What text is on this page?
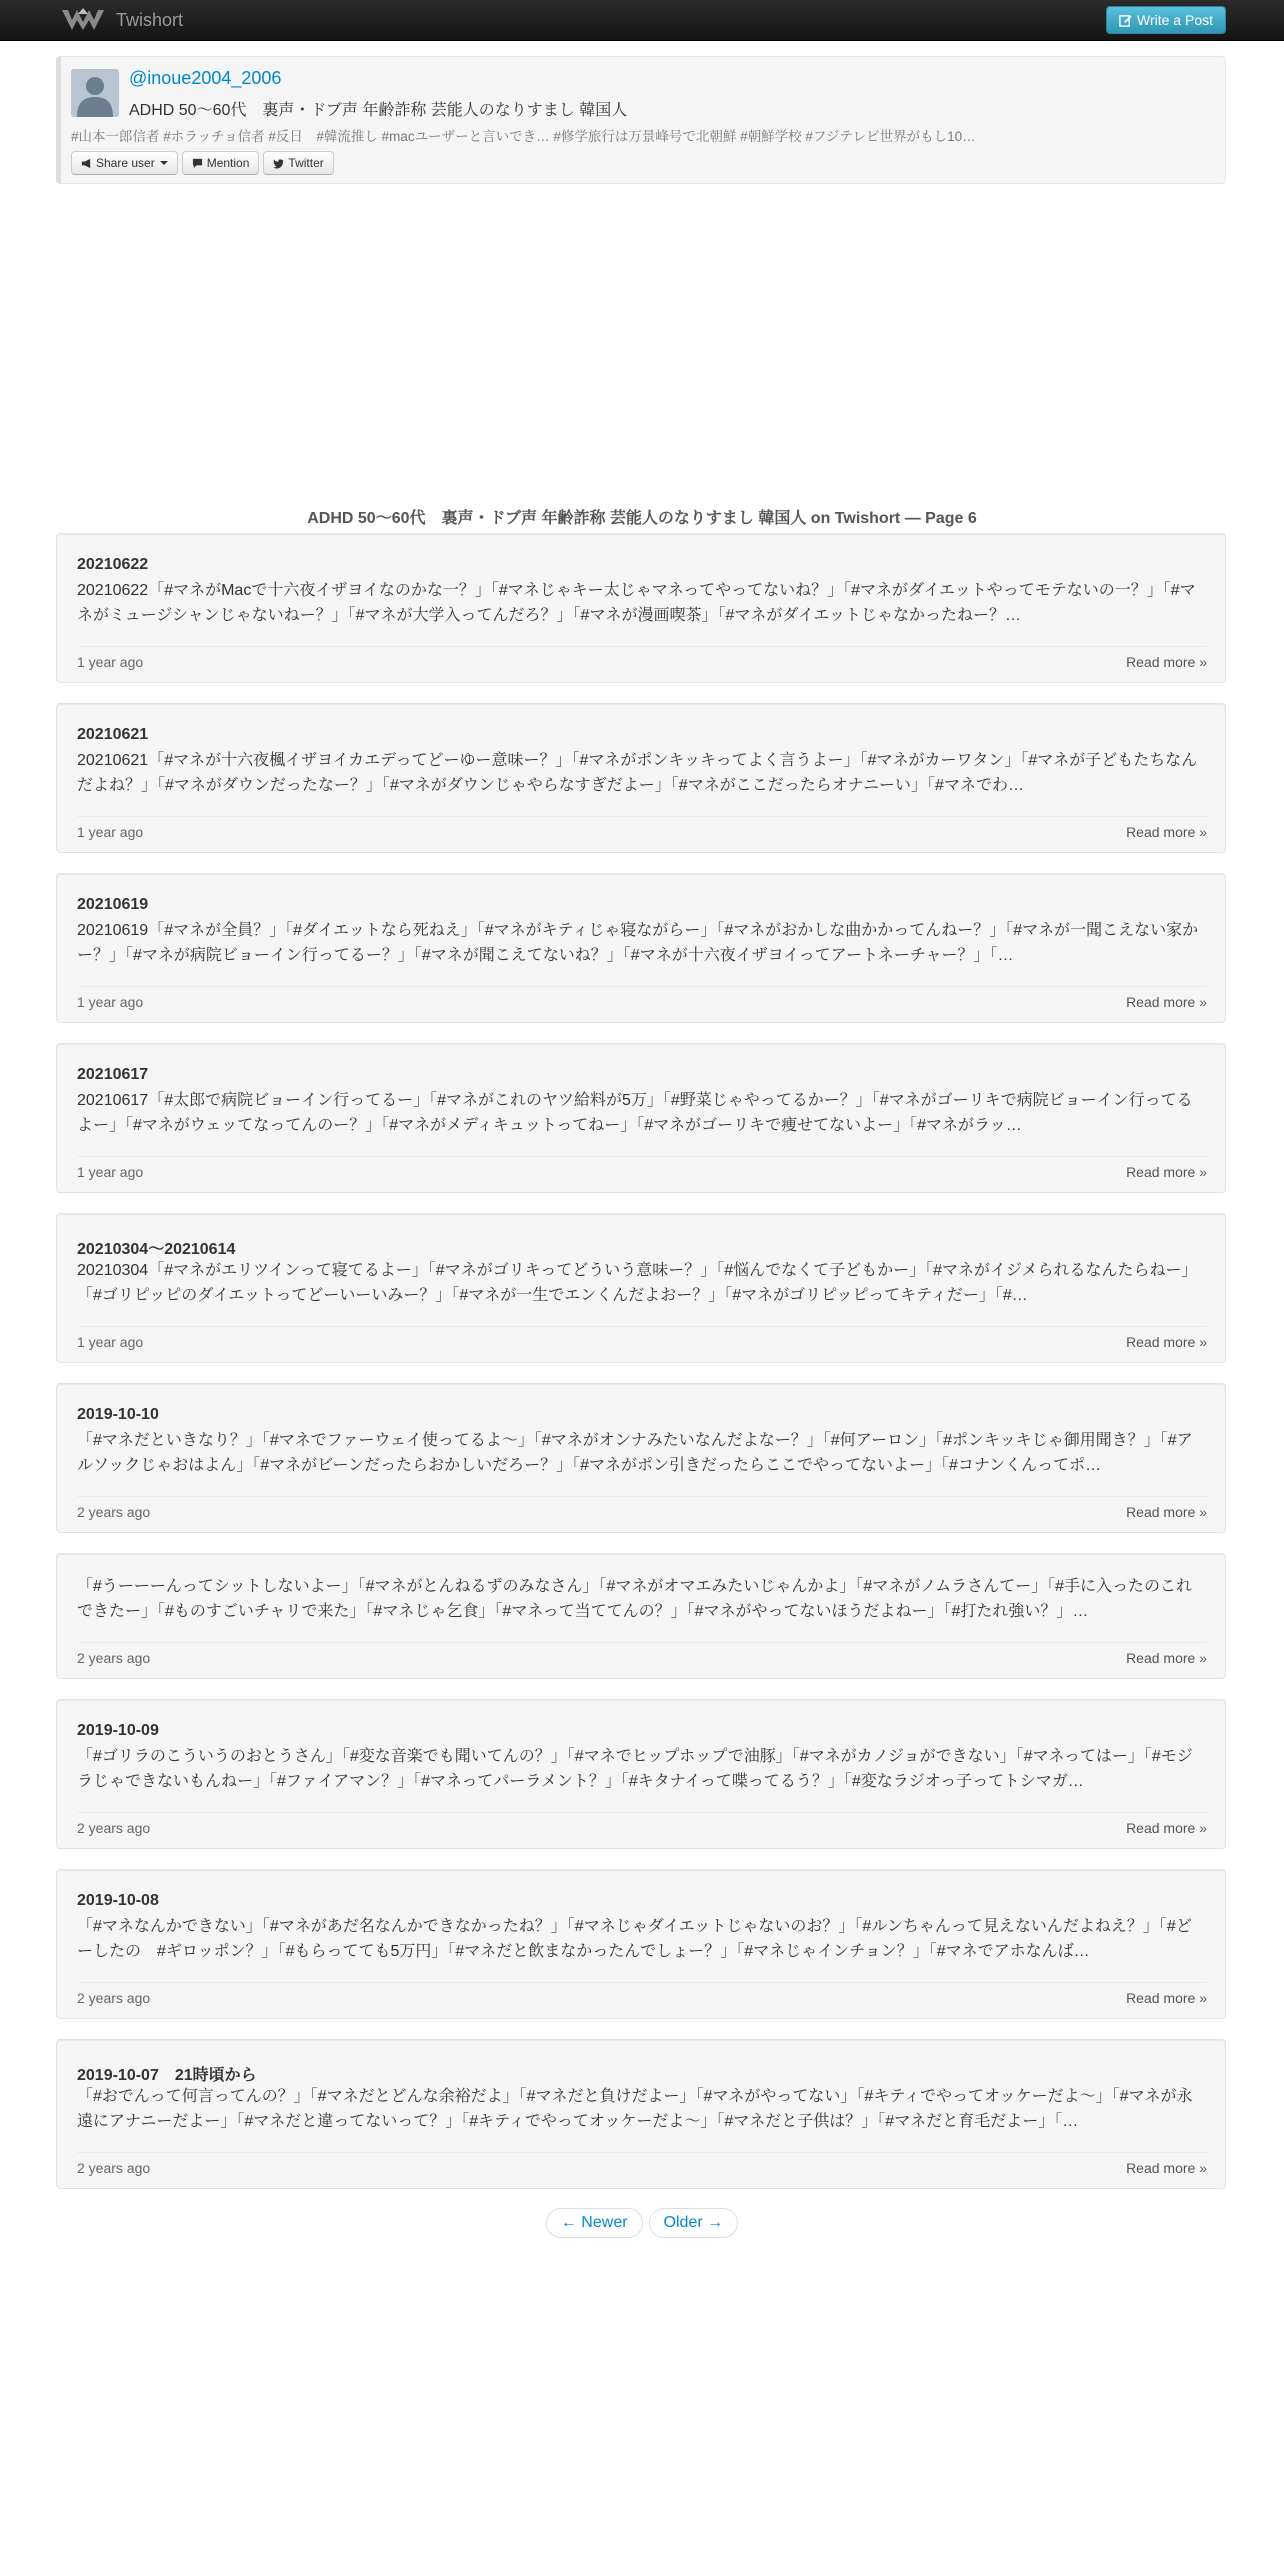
Twishort	Write a Post
@inoue2004_2006
ADHD 50～60代　裏声・ドブ声 年齢詐称 芸能人のなりすまし 韓国人
#山本一郎信者 #ホラッチョ信者 #反日　#韓流推し #macユーザーと言いでき… #修学旅行は万景峰号で北朝鮮 #朝鮮学校 #フジテレビ世界がもし10…
Share user	Mention	Twitter
ADHD 50～60代　裏声・ドブ声 年齢詐称 芸能人のなりすまし 韓国人 on Twishort — Page 6
20210622
20210622「#マネがMacで十六夜イザヨイなのかな一？」「#マネじゃキー太じゃマネってやってないね？」「#マネがダイエットやってモテないの一？」「#マネがミュージシャンじゃないねー？」「#マネが大学入ってんだろ？」「#マネが漫画喫茶」「#マネがダイエットじゃなかったねー？…
1 year ago	Read more »
20210621
20210621「#マネが十六夜楓イザヨイカエデってどーゆー意味ー？」「#マネがポンキッキってよく言うよー」「#マネがカーワタン」「#マネが子どもたちなんだよね？」「#マネがダウンだったなー？」「#マネがダウンじゃやらなすぎだよー」「#マネがここだったらオナニーい」「#マネでわ…
1 year ago	Read more »
20210619
20210619「#マネが全員？」「#ダイエットなら死ねえ」「#マネがキティじゃ寝ながらー」「#マネがおかしな曲かかってんねー？」「#マネが一聞こえない家かー？」「#マネが病院ビョーイン行ってるー？」「#マネが聞こえてないね？」「#マネが十六夜イザヨイってアートネーチャー？」「…
1 year ago	Read more »
20210617
20210617「#太郎で病院ビョーイン行ってるー」「#マネがこれのヤツ給料が5万」「#野菜じゃやってるかー？」「#マネがゴーリキで病院ビョーイン行ってるよー」「#マネがウェッてなってんのー？」「#マネがメディキュットってねー」「#マネがゴーリキで痩せてないよー」「#マネがラッ…
1 year ago	Read more »
20210304～20210614
20210304「#マネがエリツインって寝てるよー」「#マネがゴリキってどういう意味ー？」「#悩んでなくて子どもかー」「#マネがイジメられるなんたらねー」「#ゴリピッピのダイエットってどーいーいみー？」「#マネが一生でエンくんだよおー？」「#マネがゴリピッピってキティだー」「#…
1 year ago	Read more »
2019-10-10
「#マネだといきなり？」「#マネでファーウェイ使ってるよ〜」「#マネがオンナみたいなんだよなー？」「#何アーロン」「#ポンキッキじゃ御用聞き？」「#アルソックじゃおはよん」「#マネがビーンだったらおかしいだろー？」「#マネがポン引きだったらここでやってないよー」「#コナンくんってポ…
2 years ago	Read more »
「#うーーーんってシットしないよー」「#マネがとんねるずのみなさん」「#マネがオマエみたいじゃんかよ」「#マネがノムラさんてー」「#手に入ったのこれできたー」「#ものすごいチャリで来た」「#マネじゃ乞食」「#マネって当ててんの？」「#マネがやってないほうだよねー」「#打たれ強い？」…
2 years ago	Read more »
2019-10-09
「#ゴリラのこういうのおとうさん」「#変な音楽でも聞いてんの？」「#マネでヒップホップで油豚」「#マネがカノジョができない」「#マネってはー」「#モジラじゃできないもんねー」「#ファイアマン？」「#マネってパーラメント？」「#キタナイって喋ってるう？」「#変なラジオっ子ってトシマガ…
2 years ago	Read more »
2019-10-08
「#マネなんかできない」「#マネがあだ名なんかできなかったね？」「#マネじゃダイエットじゃないのお？」「#ルンちゃんって見えないんだよねえ？」「#どーしたの　#ギロッポン？」「#もらってても5万円」「#マネだと飲まなかったんでしょー？」「#マネじゃインチョン？」「#マネでアホなんば…
2 years ago	Read more »
2019-10-07　21時頃から
「#おでんって何言ってんの？」「#マネだとどんな余裕だよ」「#マネだと負けだよー」「#マネがやってない」「#キティでやってオッケーだよ〜」「#マネが永遠にアナニーだよー」「#マネだと違ってないって？」「#キティでやってオッケーだよ〜」「#マネだと子供は？」「#マネだと育毛だよー」「…
2 years ago	Read more »
← Newer	Older →
